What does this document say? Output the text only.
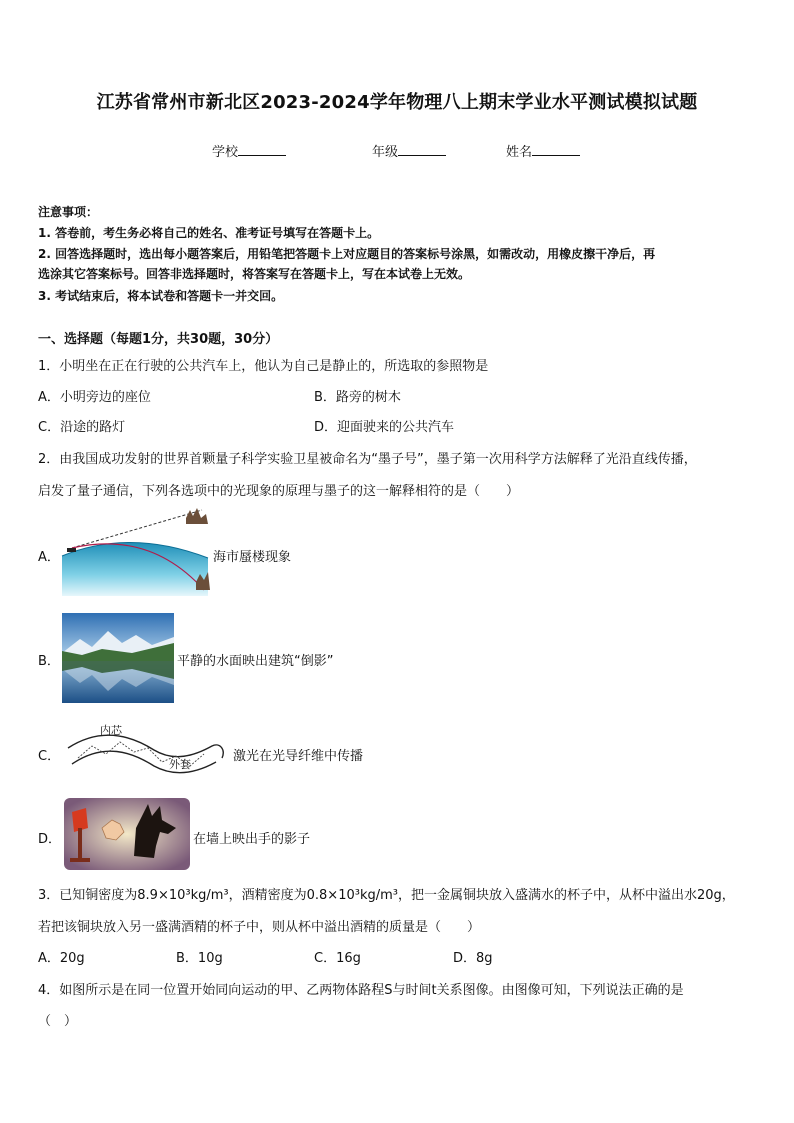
江苏省常州市新北区2023-2024学年物理八上期末学业水平测试模拟试题
学校	年级	姓名
注意事项：
1. 答卷前，考生务必将自己的姓名、准考证号填写在答题卡上。
2. 回答选择题时，选出每小题答案后，用铅笔把答题卡上对应题目的答案标号涂黑，如需改动，用橡皮擦干净后，再
选涂其它答案标号。回答非选择题时，将答案写在答题卡上，写在本试卷上无效。
3. 考试结束后，将本试卷和答题卡一并交回。
一、选择题（每题1分，共30题，30分）
1．小明坐在正在行驶的公共汽车上，他认为自己是静止的，所选取的参照物是
A．小明旁边的座位	B．路旁的树木
C．沿途的路灯	D．迎面驶来的公共汽车
2．由我国成功发射的世界首颗量子科学实验卫星被命名为“墨子号”，墨子第一次用科学方法解释了光沿直线传播，
启发了量子通信，下列各选项中的光现象的原理与墨子的这一解释相符的是（　　）
A．	海市蜃楼现象
B．	平静的水面映出建筑“倒影”
C．
内芯
外套
激光在光导纤维中传播
D．	在墙上映出手的影子
3．已知铜密度为8.9×10³kg/m³，酒精密度为0.8×10³kg/m³，把一金属铜块放入盛满水的杯子中，从杯中溢出水20g，
若把该铜块放入另一盛满酒精的杯子中，则从杯中溢出酒精的质量是（　　）
A．20g	B．10g	C．16g	D．8g
4．如图所示是在同一位置开始同向运动的甲、乙两物体路程S与时间t关系图像。由图像可知，下列说法正确的是
（　）
